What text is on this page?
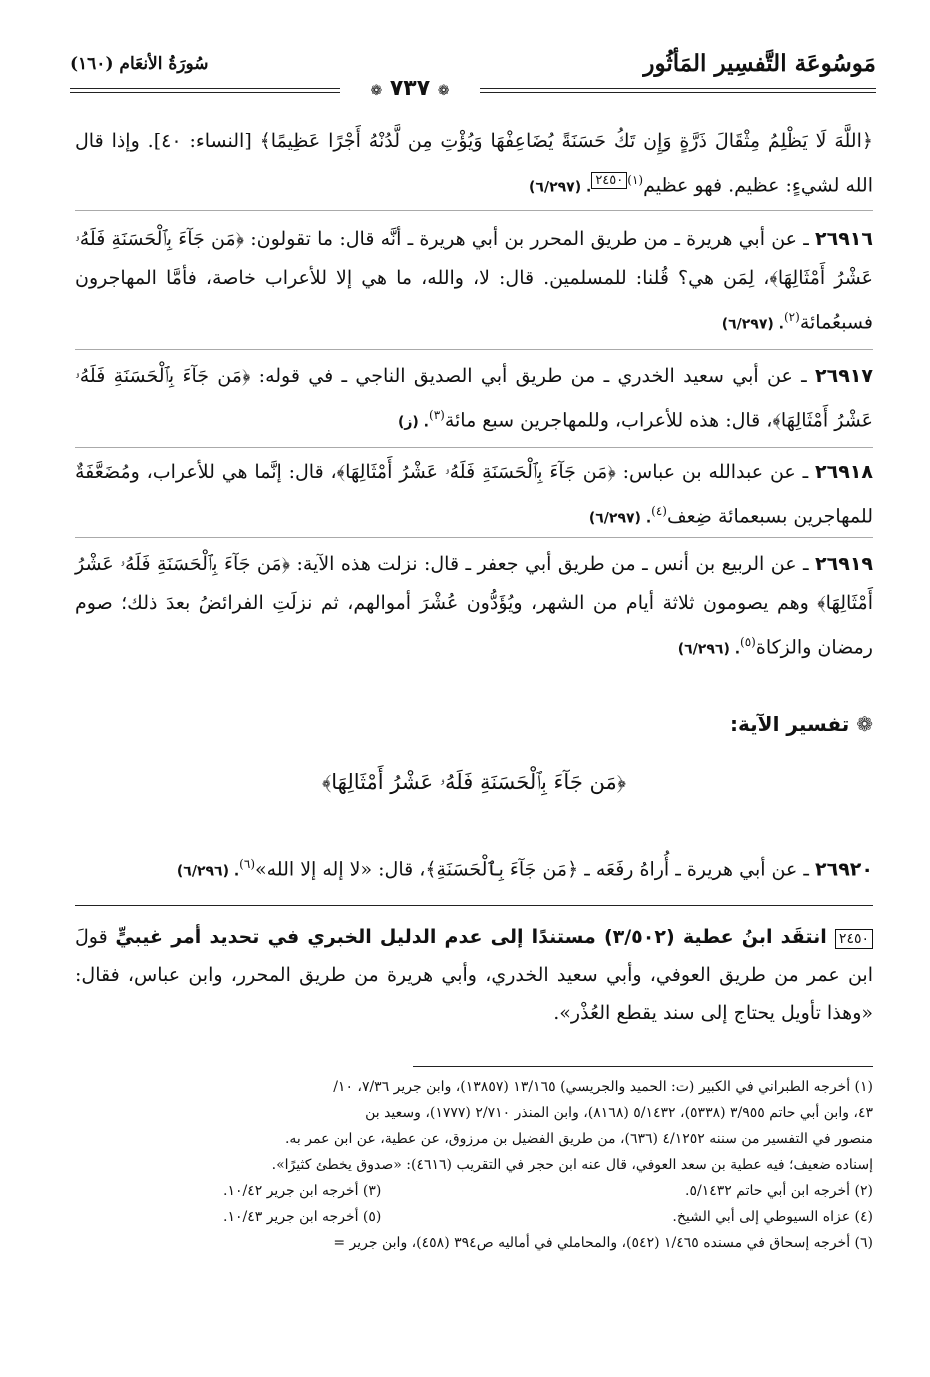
مَوسُوعَة التَّفسِير المَأثُور
سُورَةُ الأنعَام (١٦٠)
❁ ٧٣٧ ❁
﴿اللَّهَ لَا يَظْلِمُ مِثْقَالَ ذَرَّةٍ وَإِن تَكُ حَسَنَةً يُضَاعِفْهَا وَيُؤْتِ مِن لَّدُنْهُ أَجْرًا عَظِيمًا﴾ [النساء: ٤٠]. وإذا قال الله لشيءٍ: عظيم. فهو عظيم$^{(١)}$٢٤٥٠. (٦/٢٩٧)
٢٦٩١٦ ـ عن أبي هريرة ـ من طريق المحرر بن أبي هريرة ـ أنَّه قال: ما تقولون: ﴿مَن جَآءَ بِٱلْحَسَنَةِ فَلَهُۥ عَشْرُ أَمْثَالِهَا﴾، لِمَن هي؟ قُلنا: للمسلمين. قال: لا، والله، ما هي إلا للأعراب خاصة، فأمَّا المهاجرون فسبعُمائة$^{(٢)}$. (٦/٢٩٧)
٢٦٩١٧ ـ عن أبي سعيد الخدري ـ من طريق أبي الصديق الناجي ـ في قوله: ﴿مَن جَآءَ بِٱلْحَسَنَةِ فَلَهُۥ عَشْرُ أَمْثَالِهَا﴾، قال: هذه للأعراب، وللمهاجرين سبع مائة$^{(٣)}$. (ز)
٢٦٩١٨ ـ عن عبدالله بن عباس: ﴿مَن جَآءَ بِٱلْحَسَنَةِ فَلَهُۥ عَشْرُ أَمْثَالِهَا﴾، قال: إنَّما هي للأعراب، ومُضَعَّفَةٌ للمهاجرين بسبعمائة ضِعف$^{(٤)}$. (٦/٢٩٧)
٢٦٩١٩ ـ عن الربيع بن أنس ـ من طريق أبي جعفر ـ قال: نزلت هذه الآية: ﴿مَن جَآءَ بِٱلْحَسَنَةِ فَلَهُۥ عَشْرُ أَمْثَالِهَا﴾ وهم يصومون ثلاثة أيام من الشهر، ويُؤَدُّون عُشْرَ أموالهم، ثم نزلَتِ الفرائضُ بعدَ ذلك؛ صوم رمضان والزكاة$^{(٥)}$. (٦/٢٩٦)
❁ تفسير الآية:
﴿مَن جَآءَ بِٱلْحَسَنَةِ فَلَهُۥ عَشْرُ أَمْثَالِهَا﴾
٢٦٩٢٠ ـ عن أبي هريرة ـ أُراهُ رفَعَه ـ ﴿مَن جَآءَ بِٱلْحَسَنَةِ﴾، قال: «لا إله إلا الله»$^{(٦)}$. (٦/٢٩٦)
٢٤٥٠ انتقَد ابنُ عطية (٣/٥٠٢) مستندًا إلى عدم الدليل الخبري في تحديد أمر غيبيٍّ قولَ ابن عمر من طريق العوفي، وأبي سعيد الخدري، وأبي هريرة من طريق المحرر، وابن عباس، فقال: «وهذا تأويل يحتاج إلى سند يقطع العُذْر».
(١) أخرجه الطبراني في الكبير (ت: الحميد والجريسي) ١٣/١٦٥ (١٣٨٥٧)، وابن جرير ٧/٣٦، ١٠/
٤٣، وابن أبي حاتم ٣/٩٥٥ (٥٣٣٨)، ٥/١٤٣٢ (٨١٦٨)، وابن المنذر ٢/٧١٠ (١٧٧٧)، وسعيد بن
منصور في التفسير من سننه ٤/١٢٥٢ (٦٣٦)، من طريق الفضيل بن مرزوق، عن عطية، عن ابن عمر به.
إسناده ضعيف؛ فيه عطية بن سعد العوفي، قال عنه ابن حجر في التقريب (٤٦١٦): «صدوق يخطئ كثيرًا».
(٢) أخرجه ابن أبي حاتم ٥/١٤٣٢.
(٣) أخرجه ابن جرير ١٠/٤٢.
(٤) عزاه السيوطي إلى أبي الشيخ.
(٥) أخرجه ابن جرير ١٠/٤٣.
(٦) أخرجه إسحاق في مسنده ١/٤٦٥ (٥٤٢)، والمحاملي في أماليه ص٣٩٤ (٤٥٨)، وابن جرير =
